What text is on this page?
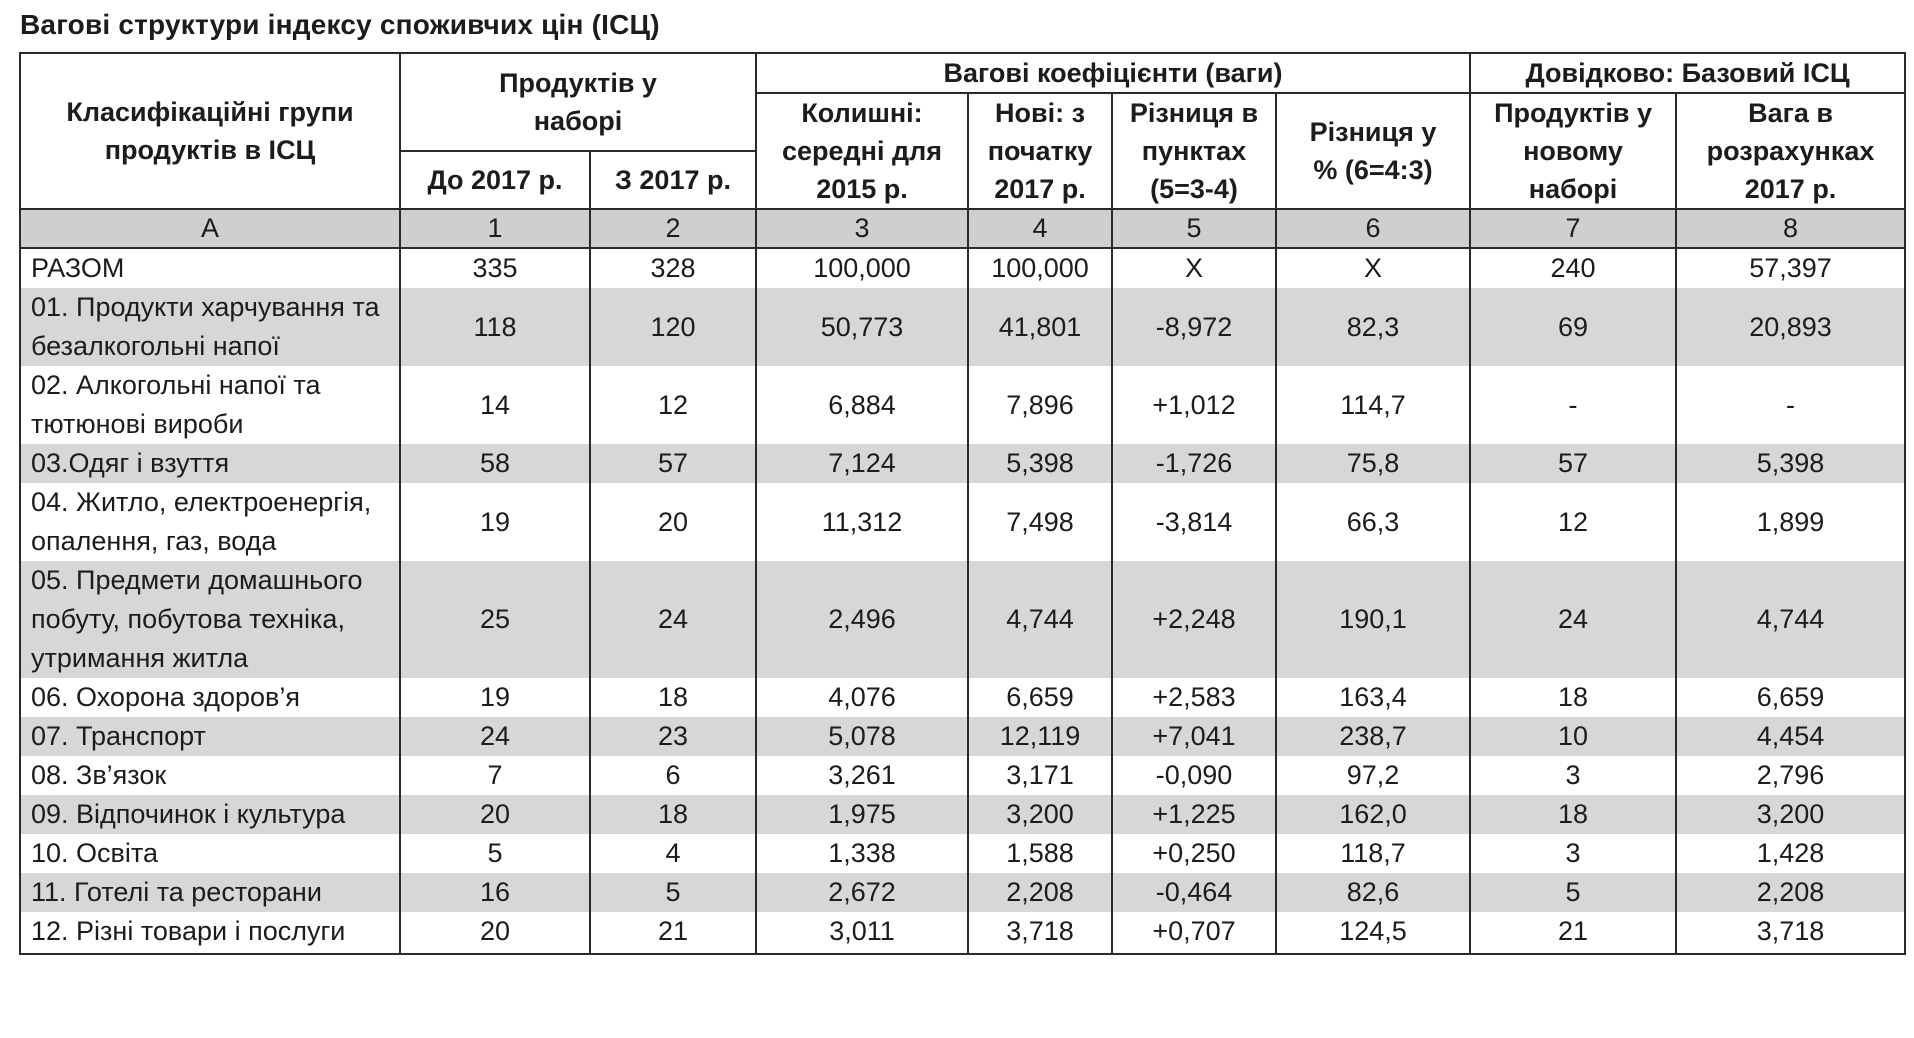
Вагові структури індексу споживчих цін (ІСЦ)
Класифікаційні групи продуктів в ІСЦ	Продуктів у наборі		Вагові коефіцієнти (ваги)				Довідково: Базовий ІСЦ	
			Колишні: середні для 2015 р.	Нові: з початку 2017 р.	Різниця в пунктах (5=3-4)	Різниця у % (6=4:3)	Продуктів у новому наборі	Вага в розрахунках 2017 р.
	До 2017 р.	З 2017 р.						
А	1	2	3	4	5	6	7	8
РАЗОМ	335	328	100,000	100,000	Х	Х	240	57,397
01. Продукти харчування та безалкогольні напої	118	120	50,773	41,801	-8,972	82,3	69	20,893
02. Алкогольні напої та тютюнові вироби	14	12	6,884	7,896	+1,012	114,7	-	-
03.Одяг і взуття	58	57	7,124	5,398	-1,726	75,8	57	5,398
04. Житло, електроенергія, опалення, газ, вода	19	20	11,312	7,498	-3,814	66,3	12	1,899
05. Предмети домашнього побуту, побутова техніка, утримання житла	25	24	2,496	4,744	+2,248	190,1	24	4,744
06. Охорона здоров’я	19	18	4,076	6,659	+2,583	163,4	18	6,659
07. Транспорт	24	23	5,078	12,119	+7,041	238,7	10	4,454
08. Зв’язок	7	6	3,261	3,171	-0,090	97,2	3	2,796
09. Відпочинок і культура	20	18	1,975	3,200	+1,225	162,0	18	3,200
10. Освіта	5	4	1,338	1,588	+0,250	118,7	3	1,428
11. Готелі та ресторани	16	5	2,672	2,208	-0,464	82,6	5	2,208
12. Різні товари і послуги	20	21	3,011	3,718	+0,707	124,5	21	3,718
